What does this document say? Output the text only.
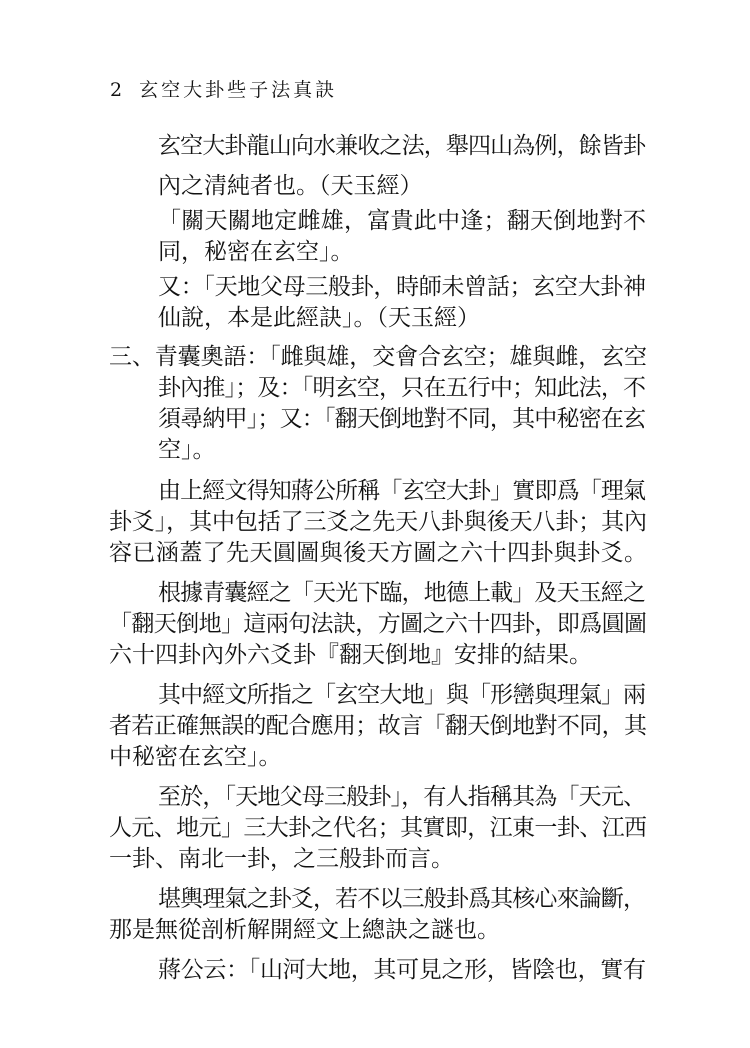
2 玄空大卦些子法真訣
玄空大卦龍山向水兼收之法，舉四山為例，餘皆卦
內之清純者也。（天玉經）
「關天關地定雌雄，富貴此中逢；翻天倒地對不
同，秘密在玄空」。
又：「天地父母三般卦，時師未曾話；玄空大卦神
仙說，本是此經訣」。（天玉經）
三、青囊奧語：「雌與雄，交會合玄空；雄與雌，玄空
卦內推」；及：「明玄空，只在五行中；知此法，不
須尋納甲」；又：「翻天倒地對不同，其中秘密在玄
空」。
由上經文得知蔣公所稱「玄空大卦」實即爲「理氣
卦爻」，其中包括了三爻之先天八卦與後天八卦；其內
容已涵蓋了先天圓圖與後天方圖之六十四卦與卦爻。
根據青囊經之「天光下臨，地德上載」及天玉經之
「翻天倒地」這兩句法訣，方圖之六十四卦，即爲圓圖
六十四卦內外六爻卦『翻天倒地』安排的結果。
其中經文所指之「玄空大地」與「形巒與理氣」兩
者若正確無誤的配合應用；故言「翻天倒地對不同，其
中秘密在玄空」。
至於，「天地父母三般卦」，有人指稱其為「天元、
人元、地元」三大卦之代名；其實即，江東一卦、江西
一卦、南北一卦，之三般卦而言。
堪輿理氣之卦爻，若不以三般卦爲其核心來論斷，
那是無從剖析解開經文上總訣之謎也。
蔣公云：「山河大地，其可見之形，皆陰也，實有
